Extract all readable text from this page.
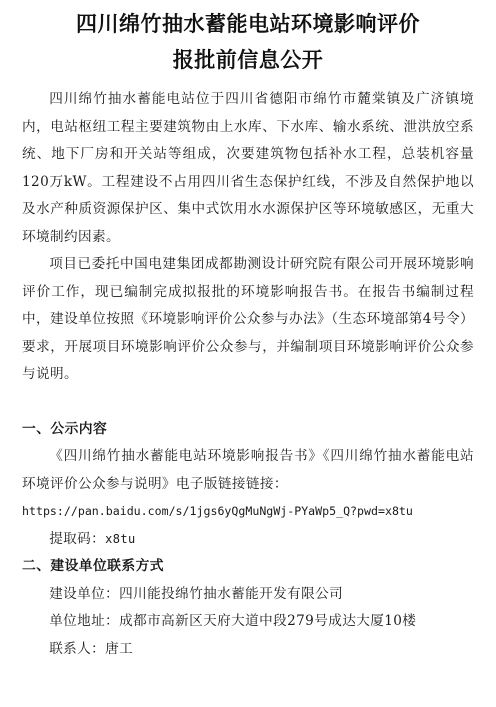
四川绵竹抽水蓄能电站环境影响评价
报批前信息公开

四川绵竹抽水蓄能电站位于四川省德阳市绵竹市麓棠镇及广济镇境内，电站枢纽工程主要建筑物由上水库、下水库、输水系统、泄洪放空系统、地下厂房和开关站等组成，次要建筑物包括补水工程，总装机容量120万kW。工程建设不占用四川省生态保护红线，不涉及自然保护地以及水产种质资源保护区、集中式饮用水水源保护区等环境敏感区，无重大环境制约因素。

项目已委托中国电建集团成都勘测设计研究院有限公司开展环境影响评价工作，现已编制完成拟报批的环境影响报告书。在报告书编制过程中，建设单位按照《环境影响评价公众参与办法》（生态环境部第4号令）要求，开展项目环境影响评价公众参与，并编制项目环境影响评价公众参与说明。

一、公示内容

《四川绵竹抽水蓄能电站环境影响报告书》《四川绵竹抽水蓄能电站环境评价公众参与说明》电子版链接链接：

https://pan.baidu.com/s/1jgs6yQgMuNgWj-PYaWp5_Q?pwd=x8tu

提取码：x8tu

二、建设单位联系方式

建设单位：四川能投绵竹抽水蓄能开发有限公司

单位地址：成都市高新区天府大道中段279号成达大厦10楼

联系人：唐工
